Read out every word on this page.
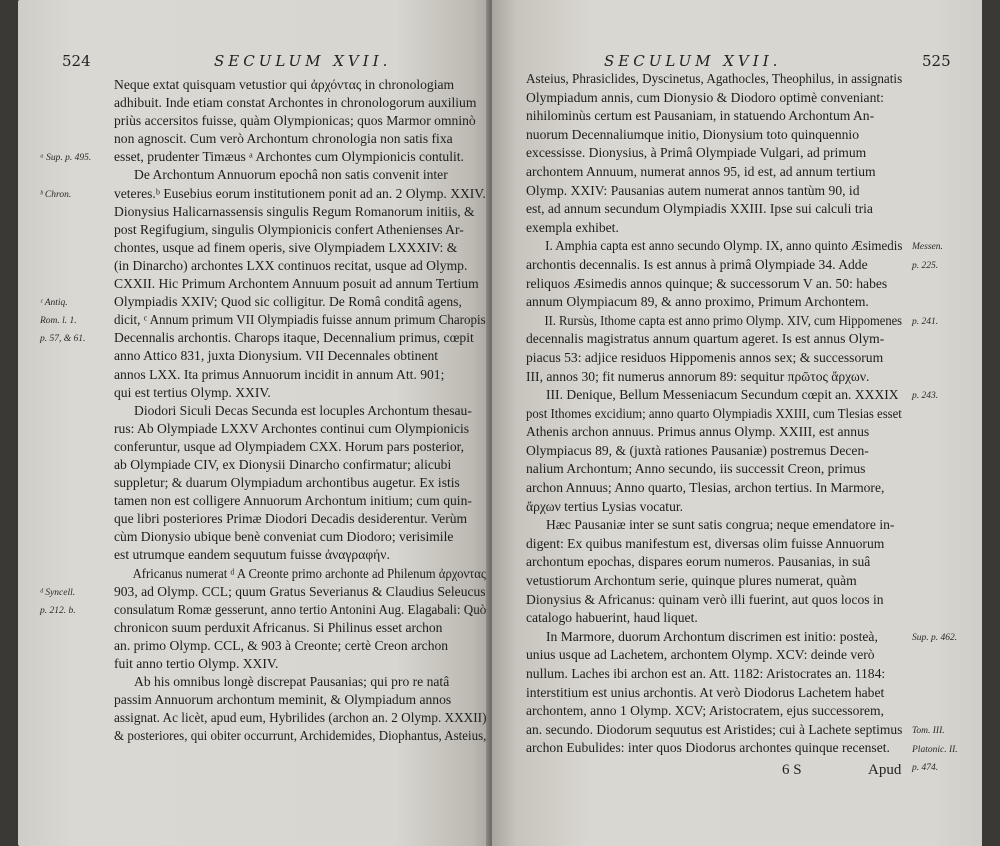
524	SECULUM XVII.
Neque extat quisquam vetustior qui ἀρχόντας in chronologiam
adhibuit. Inde etiam constat Archontes in chronologorum auxilium
priùs accersitos fuisse, quàm Olympionicas; quos Marmor omninò
non agnoscit. Cum verò Archontum chronologia non satis fixa
esset, prudenter Timæus ᵃ Archontes cum Olympionicis contulit.
De Archontum Annuorum epochâ non satis convenit inter
veteres.ᵇ Eusebius eorum institutionem ponit ad an. 2 Olymp. XXIV.
Dionysius Halicarnassensis singulis Regum Romanorum initiis, &
post Regifugium, singulis Olympionicis confert Athenienses Ar-
chontes, usque ad finem operis, sive Olympiadem LXXXIV: &
(in Dinarcho) archontes LXX continuos recitat, usque ad Olymp.
CXXII. Hic Primum Archontem Annuum posuit ad annum Tertium
Olympiadis XXIV; Quod sic colligitur. De Româ conditâ agens,
dicit, ᶜ Annum primum VII Olympiadis fuisse annum primum Charopis
Decennalis archontis. Charops itaque, Decennalium primus, cœpit
anno Attico 831, juxta Dionysium. VII Decennales obtinent
annos LXX. Ita primus Annuorum incidit in annum Att. 901;
qui est tertius Olymp. XXIV.
Diodori Siculi Decas Secunda est locuples Archontum thesau-
rus: Ab Olympiade LXXV Archontes continui cum Olympionicis
conferuntur, usque ad Olympiadem CXX. Horum pars posterior,
ab Olympiade CIV, ex Dionysii Dinarcho confirmatur; alicubi
suppletur; & duarum Olympiadum archontibus augetur. Ex istis
tamen non est colligere Annuorum Archontum initium; cum quin-
que libri posteriores Primæ Diodori Decadis desiderentur. Verùm
cùm Dionysio ubique benè conveniat cum Diodoro; verisimile
est utrumque eandem sequutum fuisse ἀναγραφήν.
Africanus numerat ᵈ A Creonte primo archonte ad Philenum ἀρχοντας
903, ad Olymp. CCL; quum Gratus Severianus & Claudius Seleucus
consulatum Romæ gesserunt, anno tertio Antonini Aug. Elagabali: Quò
chronicon suum perduxit Africanus. Si Philinus esset archon
an. primo Olymp. CCL, & 903 à Creonte; certè Creon archon
fuit anno tertio Olymp. XXIV.
Ab his omnibus longè discrepat Pausanias; qui pro re natâ
passim Annuorum archontum meminit, & Olympiadum annos
assignat. Ac licèt, apud eum, Hybrilides (archon an. 2 Olymp. XXXII)
& posteriores, qui obiter occurrunt, Archidemides, Diophantus, Asteius,
ᵃ Sup. p. 495.
ᵇ Chron.
ᶜ Antiq.
Rom. l. 1.
p. 57, & 61.
ᵈ Syncell.
p. 212. b.
SECULUM XVII.	525
Asteius, Phrasiclides, Dyscinetus, Agathocles, Theophilus, in assignatis
Olympiadum annis, cum Dionysio & Diodoro optimè conveniant:
nihilominùs certum est Pausaniam, in statuendo Archontum An-
nuorum Decennaliumque initio, Dionysium toto quinquennio
excessisse. Dionysius, à Primâ Olympiade Vulgari, ad primum
archontem Annuum, numerat annos 95, id est, ad annum tertium
Olymp. XXIV: Pausanias autem numerat annos tantùm 90, id
est, ad annum secundum Olympiadis XXIII. Ipse sui calculi tria
exempla exhibet.
I. Amphia capta est anno secundo Olymp. IX, anno quinto Æsimedis
archontis decennalis. Is est annus à primâ Olympiade 34. Adde
reliquos Æsimedis annos quinque; & successorum V an. 50: habes
annum Olympiacum 89, & anno proximo, Primum Archontem.
II. Rursùs, Ithome capta est anno primo Olymp. XIV, cum Hippomenes
decennalis magistratus annum quartum ageret. Is est annus Olym-
piacus 53: adjice residuos Hippomenis annos sex; & successorum
III, annos 30; fit numerus annorum 89: sequitur πρῶτος ἄρχων.
III. Denique, Bellum Messeniacum Secundum cœpit an. XXXIX
post Ithomes excidium; anno quarto Olympiadis XXIII, cum Tlesias esset
Athenis archon annuus. Primus annus Olymp. XXIII, est annus
Olympiacus 89, & (juxtà rationes Pausaniæ) postremus Decen-
nalium Archontum; Anno secundo, iis successit Creon, primus
archon Annuus; Anno quarto, Tlesias, archon tertius. In Marmore,
ἄρχων tertius Lysias vocatur.
Hæc Pausaniæ inter se sunt satis congrua; neque emendatore in-
digent: Ex quibus manifestum est, diversas olim fuisse Annuorum
archontum epochas, dispares eorum numeros. Pausanias, in suâ
vetustiorum Archontum serie, quinque plures numerat, quàm
Dionysius & Africanus: quinam verò illi fuerint, aut quos locos in
catalogo habuerint, haud liquet.
In Marmore, duorum Archontum discrimen est initio: posteà,
unius usque ad Lachetem, archontem Olymp. XCV: deinde verò
nullum. Laches ibi archon est an. Att. 1182: Aristocrates an. 1184:
interstitium est unius archontis. At verò Diodorus Lachetem habet
archontem, anno 1 Olymp. XCV; Aristocratem, ejus successorem,
an. secundo. Diodorum sequutus est Aristides; cui à Lachete septimus
archon Eubulides: inter quos Diodorus archontes quinque recenset.
Messen.
p. 225.
p. 241.
p. 243.
Sup. p. 462.
Tom. III.
Platonic. II.
p. 474.
6 S	Apud
